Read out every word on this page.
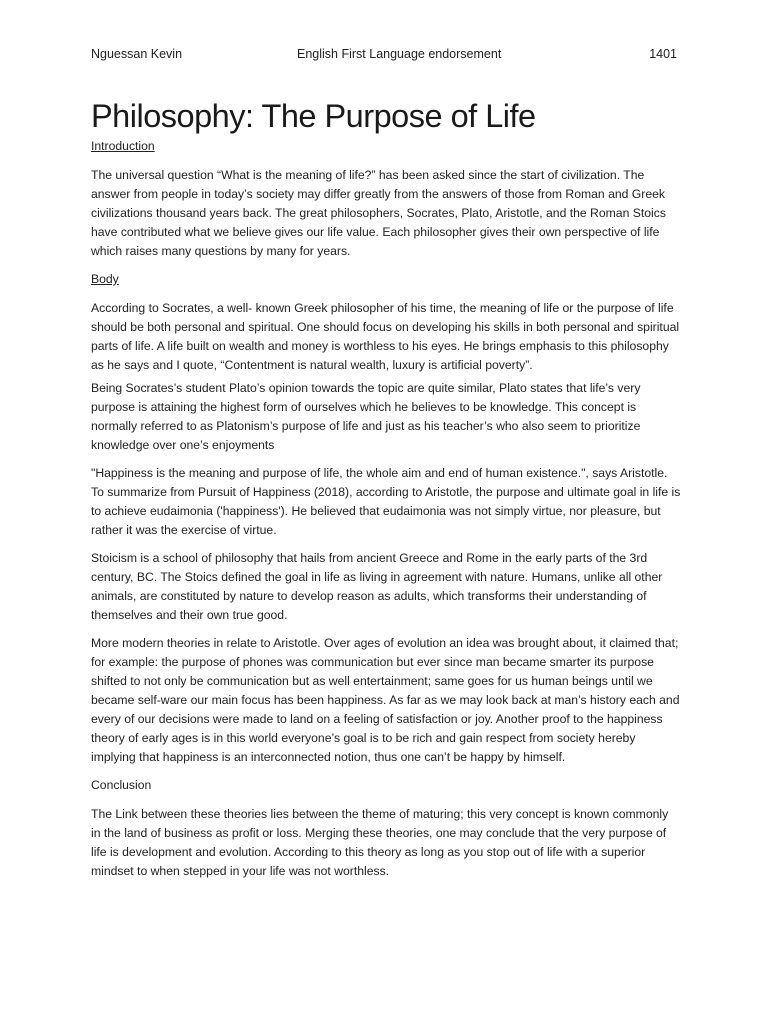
Nguessan Kevin	English First Language endorsement	1401
Philosophy: The Purpose of Life

Introduction

The universal question “What is the meaning of life?” has been asked since the start of civilization. The answer from people in today’s society may differ greatly from the answers of those from Roman and Greek civilizations thousand years back. The great philosophers, Socrates, Plato, Aristotle, and the Roman Stoics have contributed what we believe gives our life value. Each philosopher gives their own perspective of life which raises many questions by many for years.

Body

According to Socrates, a well- known Greek philosopher of his time, the meaning of life or the purpose of life should be both personal and spiritual. One should focus on developing his skills in both personal and spiritual parts of life. A life built on wealth and money is worthless to his eyes. He brings emphasis to this philosophy as he says and I quote, “Contentment is natural wealth, luxury is artificial poverty”.

Being Socrates’s student Plato’s opinion towards the topic are quite similar, Plato states that life’s very purpose is attaining the highest form of ourselves which he believes to be knowledge. This concept is normally referred to as Platonism’s purpose of life and just as his teacher’s who also seem to prioritize knowledge over one’s enjoyments

"Happiness is the meaning and purpose of life, the whole aim and end of human existence.", says Aristotle. To summarize from Pursuit of Happiness (2018), according to Aristotle, the purpose and ultimate goal in life is to achieve eudaimonia ('happiness'). He believed that eudaimonia was not simply virtue, nor pleasure, but rather it was the exercise of virtue.

Stoicism is a school of philosophy that hails from ancient Greece and Rome in the early parts of the 3rd century, BC. The Stoics defined the goal in life as living in agreement with nature. Humans, unlike all other animals, are constituted by nature to develop reason as adults, which transforms their understanding of themselves and their own true good.

More modern theories in relate to Aristotle. Over ages of evolution an idea was brought about, it claimed that; for example: the purpose of phones was communication but ever since man became smarter its purpose shifted to not only be communication but as well entertainment; same goes for us human beings until we became self-ware our main focus has been happiness. As far as we may look back at man’s history each and every of our decisions were made to land on a feeling of satisfaction or joy. Another proof to the happiness theory of early ages is in this world everyone’s goal is to be rich and gain respect from society hereby implying that happiness is an interconnected notion, thus one can’t be happy by himself.

Conclusion

The Link between these theories lies between the theme of maturing; this very concept is known commonly in the land of business as profit or loss. Merging these theories, one may conclude that the very purpose of life is development and evolution. According to this theory as long as you stop out of life with a superior mindset to when stepped in your life was not worthless.
